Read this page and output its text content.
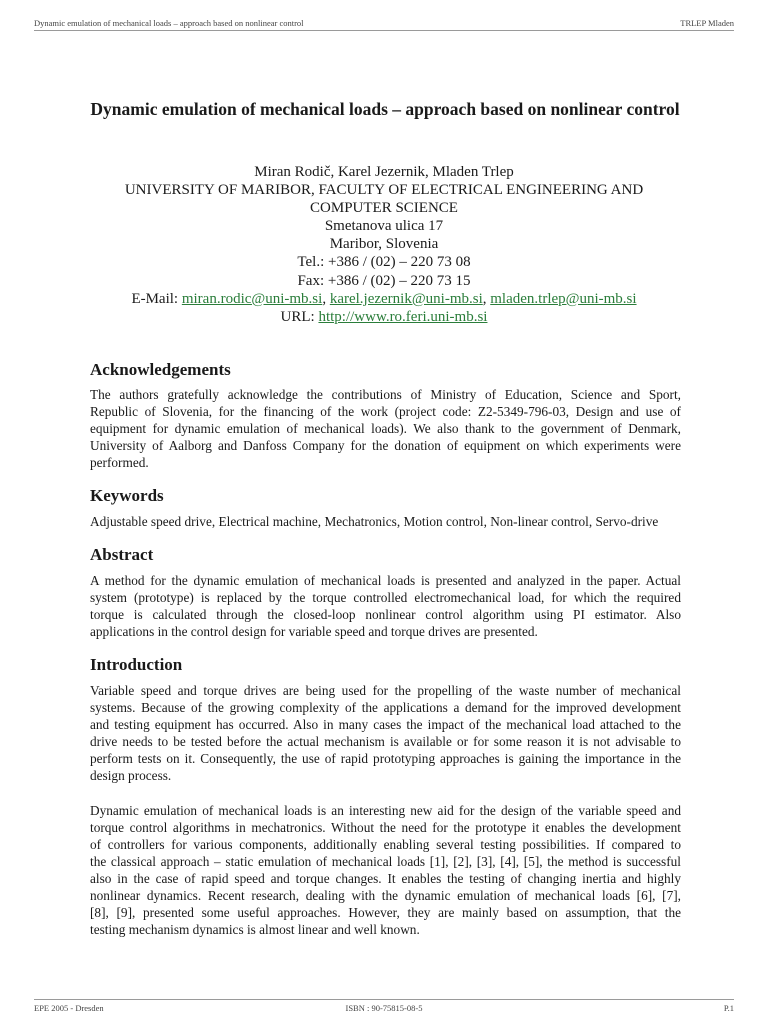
Dynamic emulation of mechanical loads – approach based on nonlinear control	TRLEP Mladen
Dynamic emulation of mechanical loads – approach based on nonlinear control
Miran Rodič, Karel Jezernik, Mladen Trlep
UNIVERSITY OF MARIBOR, FACULTY OF ELECTRICAL ENGINEERING AND
COMPUTER SCIENCE
Smetanova ulica 17
Maribor, Slovenia
Tel.: +386 / (02) – 220 73 08
Fax: +386 / (02) – 220 73 15
E-Mail: miran.rodic@uni-mb.si, karel.jezernik@uni-mb.si, mladen.trlep@uni-mb.si
URL: http://www.ro.feri.uni-mb.si
Acknowledgements

The authors gratefully acknowledge the contributions of Ministry of Education, Science and Sport,
Republic of Slovenia, for the financing of the work (project code: Z2-5349-796-03, Design and use of
equipment for dynamic emulation of mechanical loads). We also thank to the government of Denmark,
University of Aalborg and Danfoss Company for the donation of equipment on which experiments were
performed.

Keywords

Adjustable speed drive, Electrical machine, Mechatronics, Motion control, Non-linear control, Servo-drive

Abstract

A method for the dynamic emulation of mechanical loads is presented and analyzed in the paper. Actual
system (prototype) is replaced by the torque controlled electromechanical load, for which the required
torque is calculated through the closed-loop nonlinear control algorithm using PI estimator. Also
applications in the control design for variable speed and torque drives are presented.

Introduction

Variable speed and torque drives are being used for the propelling of the waste number of mechanical
systems. Because of the growing complexity of the applications a demand for the improved development
and testing equipment has occurred. Also in many cases the impact of the mechanical load attached to the
drive needs to be tested before the actual mechanism is available or for some reason it is not advisable to
perform tests on it. Consequently, the use of rapid prototyping approaches is gaining the importance in the
design process.

Dynamic emulation of mechanical loads is an interesting new aid for the design of the variable speed and
torque control algorithms in mechatronics. Without the need for the prototype it enables the development
of controllers for various components, additionally enabling several testing possibilities. If compared to
the classical approach – static emulation of mechanical loads [1], [2], [3], [4], [5], the method is successful
also in the case of rapid speed and torque changes. It enables the testing of changing inertia and highly
nonlinear dynamics. Recent research, dealing with the dynamic emulation of mechanical loads [6], [7],
[8], [9], presented some useful approaches. However, they are mainly based on assumption, that the
testing mechanism dynamics is almost linear and well known.

EPE 2005 - Dresden	ISBN : 90-75815-08-5	P.1
